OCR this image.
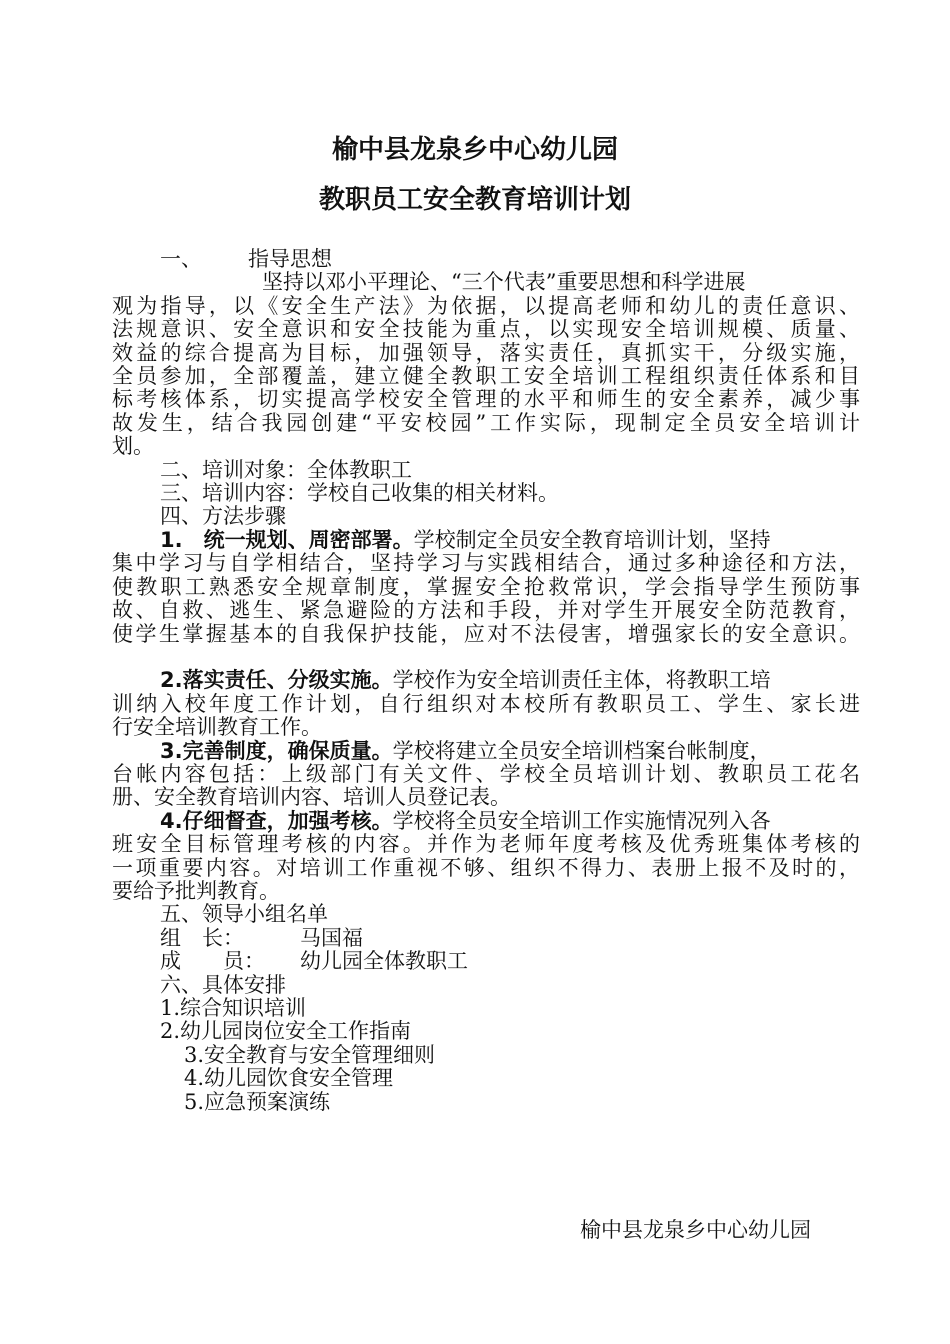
榆中县龙泉乡中心幼儿园
教职员工安全教育培训计划

一、 指导思想

坚持以邓小平理论、“三个代表”重要思想和科学进展

观为指导，以《安全生产法》为依据，以提高老师和幼儿的责任意识、

法规意识、安全意识和安全技能为重点，以实现安全培训规模、质量、

效益的综合提高为目标，加强领导，落实责任，真抓实干，分级实施，

全员参加，全部覆盖，建立健全教职工安全培训工程组织责任体系和目

标考核体系，切实提高学校安全管理的水平和师生的安全素养，减少事

故发生，结合我园创建“平安校园”工作实际，现制定全员安全培训计

划。

二、培训对象：全体教职工

三、培训内容：学校自己收集的相关材料。

四、方法步骤

1.　统一规划、周密部署。学校制定全员安全教育培训计划，坚持

集中学习与自学相结合，坚持学习与实践相结合，通过多种途径和方法，

使教职工熟悉安全规章制度，掌握安全抢救常识，学会指导学生预防事

故、自救、逃生、紧急避险的方法和手段，并对学生开展安全防范教育，

使学生掌握基本的自我保护技能，应对不法侵害，增强家长的安全意识。

2.落实责任、分级实施。学校作为安全培训责任主体，将教职工培

训纳入校年度工作计划，自行组织对本校所有教职员工、学生、家长进

行安全培训教育工作。

3.完善制度，确保质量。学校将建立全员安全培训档案台帐制度，

台帐内容包括：上级部门有关文件、学校全员培训计划、教职员工花名

册、安全教育培训内容、培训人员登记表。

4.仔细督查，加强考核。学校将全员安全培训工作实施情况列入各

班安全目标管理考核的内容。并作为老师年度考核及优秀班集体考核的

一项重要内容。对培训工作重视不够、组织不得力、表册上报不及时的，

要给予批判教育。

五、领导小组名单

组　长：	马国福

成　　员： 幼儿园全体教职工

六、具体安排

1.综合知识培训

2.幼儿园岗位安全工作指南

3.安全教育与安全管理细则

4.幼儿园饮食安全管理

5.应急预案演练

榆中县龙泉乡中心幼儿园
